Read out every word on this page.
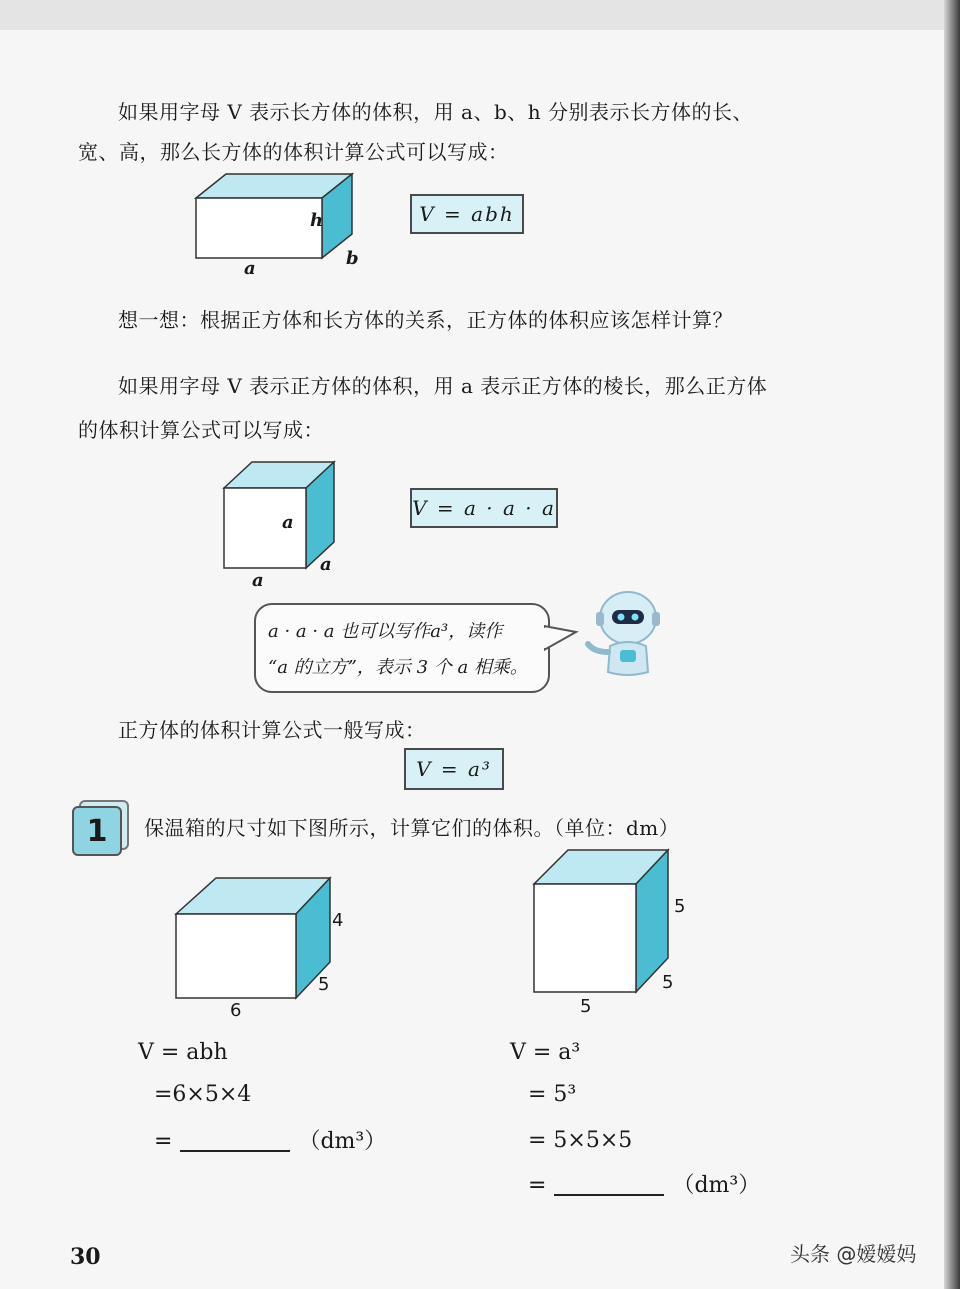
如果用字母 V 表示长方体的体积，用 a、b、h 分别表示长方体的长、
宽、高，那么长方体的体积计算公式可以写成：
h
a	b
V = abh
想一想：根据正方体和长方体的关系，正方体的体积应该怎样计算？
如果用字母 V 表示正方体的体积，用 a 表示正方体的棱长，那么正方体
的体积计算公式可以写成：
a
a
a
V = a · a · a
a · a · a 也可以写作a³，读作
“a 的立方”，表示 3 个 a 相乘。
正方体的体积计算公式一般写成：
V = a³
1	保温箱的尺寸如下图所示，计算它们的体积。（单位：dm）
4
5
6
5
5
5
V = abh
=6×5×4
=	（dm³）
V = a³
= 5³
= 5×5×5
=	（dm³）
30	头条 @嫒嫒妈
